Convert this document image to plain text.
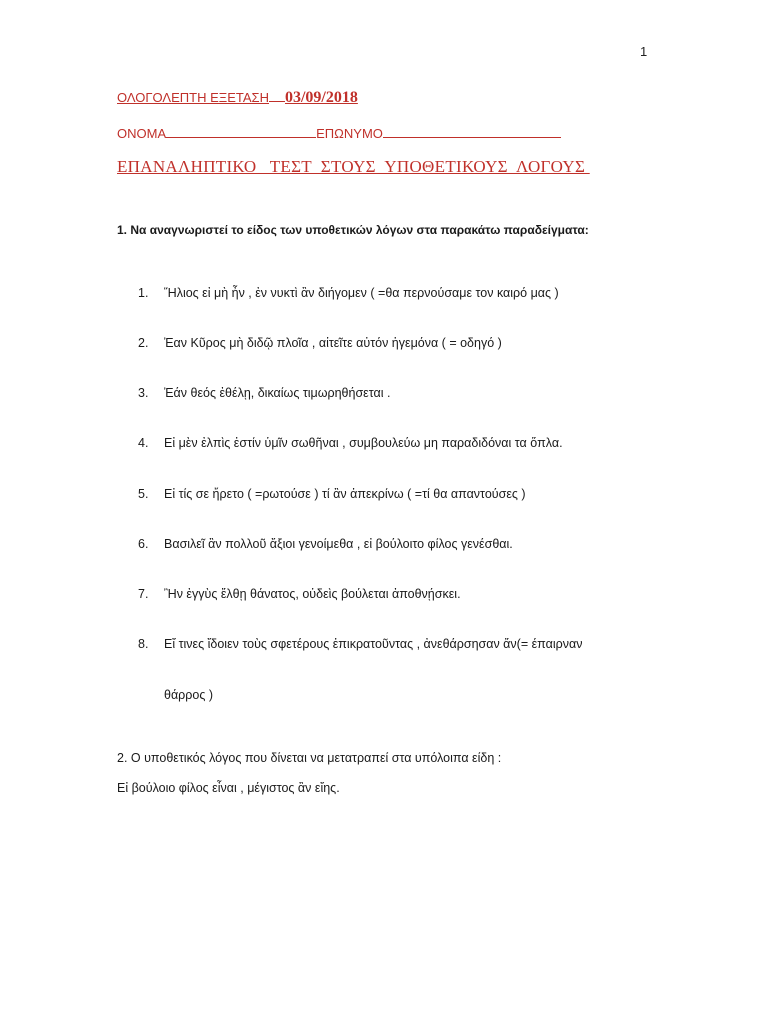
1
ΟΛΟΓΟΛΕΠΤΗ ΕΞΕΤΑΣΗ 03/09/2018
ΟΝΟΜΑ	ΕΠΩΝΥΜΟ
ΕΠΑΝΑΛΗΠΤΙΚΟ   ΤΕΣΤ  ΣΤΟΥΣ  ΥΠΟΘΕΤΙΚΟΥΣ  ΛΟΓΟΥΣ
1. Να αναγνωριστεί το είδος των υποθετικών λόγων στα παρακάτω παραδείγματα:
1. Ἥλιος εἰ μὴ ἦν , ἐν νυκτὶ ἂν διήγομεν ( =θα περνούσαμε τον καιρό μας )
2. Ἐαν Κῦρος μὴ διδῷ πλοῖα , αἰτεῖτε αὐτόν ἡγεμόνα ( = οδηγό )
3. Ἐάν θεός ἐθέλῃ, δικαίως τιμωρηθήσεται .
4. Εἰ μὲν ἐλπὶς ἐστίν ὑμῖν σωθῆναι , συμβουλεύω μη παραδιδόναι τα ὅπλα.
5. Εἰ τίς σε ἤρετο ( =ρωτούσε ) τί ἂν ἀπεκρίνω ( =τί θα απαντούσες )
6. Βασιλεῖ ἂν πολλοῦ ἄξιοι γενοίμεθα , εἰ βούλοιτο φίλος γενέσθαι.
7. Ἢν ἐγγὺς ἔλθῃ θάνατος, οὐδεὶς βούλεται ἀποθνῄσκει.
8. Εἴ τινες ἴδοιεν τοὺς σφετέρους ἐπικρατοῦντας , ἀνεθάρσησαν ἄν(= έπαιρναν
θάρρος )
2. Ο υποθετικός λόγος που δίνεται να μετατραπεί στα υπόλοιπα είδη :
Εἰ βούλοιο φίλος εἶναι , μέγιστος ἂν εἴης.
